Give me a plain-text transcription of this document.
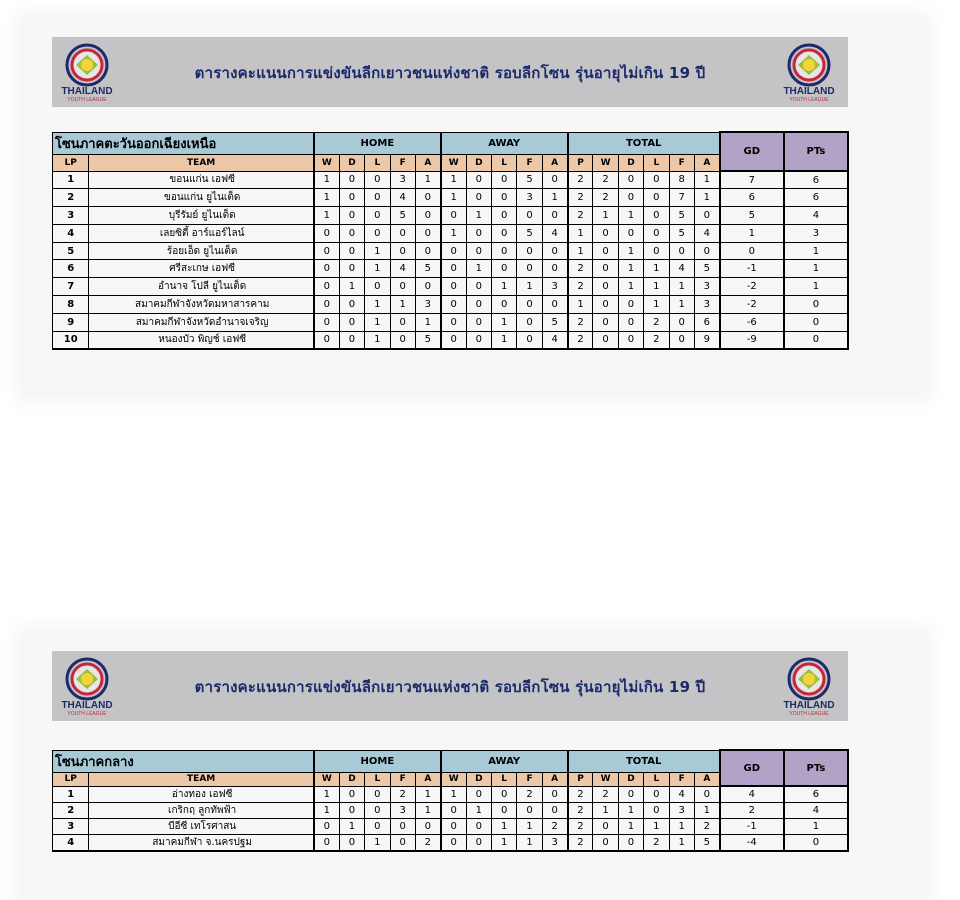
THAILAND
YOUTH LEAGUE
ตารางคะแนนการแข่งขันลีกเยาวชนแห่งชาติ รอบลีกโซน รุ่นอายุไม่เกิน 19 ปี
THAILAND
YOUTH LEAGUE
THAILAND
YOUTH LEAGUE
ตารางคะแนนการแข่งขันลีกเยาวชนแห่งชาติ รอบลีกโซน รุ่นอายุไม่เกิน 19 ปี
THAILAND
YOUTH LEAGUE
โซนภาคตะวันออกเฉียงเหนือ		HOME					AWAY					TOTAL						GD	PTs
LP	TEAM	W	D	L	F	A	W	D	L	F	A	P	W	D	L	F	A		
1	ขอนแก่น เอฟซี	1	0	0	3	1	1	0	0	5	0	2	2	0	0	8	1	7	6
2	ขอนแก่น ยูไนเต็ด	1	0	0	4	0	1	0	0	3	1	2	2	0	0	7	1	6	6
3	บุรีรัมย์ ยูไนเต็ด	1	0	0	5	0	0	1	0	0	0	2	1	1	0	5	0	5	4
4	เลยซิตี้ อาร์แอร์ไลน์	0	0	0	0	0	1	0	0	5	4	1	0	0	0	5	4	1	3
5	ร้อยเอ็ด ยูไนเต็ด	0	0	1	0	0	0	0	0	0	0	1	0	1	0	0	0	0	1
6	ศรีสะเกษ เอฟซี	0	0	1	4	5	0	1	0	0	0	2	0	1	1	4	5	-1	1
7	อำนาจ โปลี ยูไนเต็ด	0	1	0	0	0	0	0	1	1	3	2	0	1	1	1	3	-2	1
8	สมาคมกีฬาจังหวัดมหาสารคาม	0	0	1	1	3	0	0	0	0	0	1	0	0	1	1	3	-2	0
9	สมาคมกีฬาจังหวัดอำนาจเจริญ	0	0	1	0	1	0	0	1	0	5	2	0	0	2	0	6	-6	0
10	หนองบัว พิญช์ เอฟซี	0	0	1	0	5	0	0	1	0	4	2	0	0	2	0	9	-9	0
โซนภาคกลาง		HOME					AWAY					TOTAL						GD	PTs
LP	TEAM	W	D	L	F	A	W	D	L	F	A	P	W	D	L	F	A		
1	อ่างทอง เอฟซี	1	0	0	2	1	1	0	0	2	0	2	2	0	0	4	0	4	6
2	เกริกฤ ลูกทัพฟ้า	1	0	0	3	1	0	1	0	0	0	2	1	1	0	3	1	2	4
3	บีอีซี เทโรศาสน	0	1	0	0	0	0	0	1	1	2	2	0	1	1	1	2	-1	1
4	สมาคมกีฬา จ.นครปฐม	0	0	1	0	2	0	0	1	1	3	2	0	0	2	1	5	-4	0
